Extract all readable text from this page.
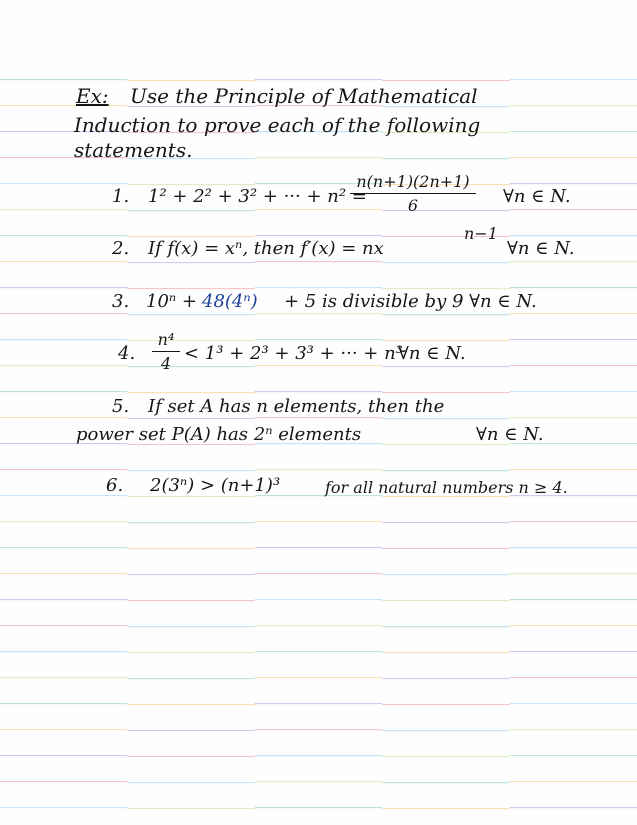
Ex: Use the Principle of Mathematical
Induction to prove each of the following
statements.
1. 1² + 2² + 3² + ··· + n² =
n(n+1)(2n+1)
6	∀n ∈ N.
2. If f(x) = xⁿ, then f′(x) = nx
n−1
∀n ∈ N.
3. 10ⁿ + 48(4ⁿ) + 5 is divisible by 9 ∀n ∈ N.
4.
n⁴
4 < 1³ + 2³ + 3³ + ··· + n³
∀n ∈ N.
5. If set A has n elements, then the
power set P(A) has 2ⁿ elements	∀n ∈ N.
6. 2(3ⁿ) > (n+1)³	for all natural numbers n ≥ 4.
